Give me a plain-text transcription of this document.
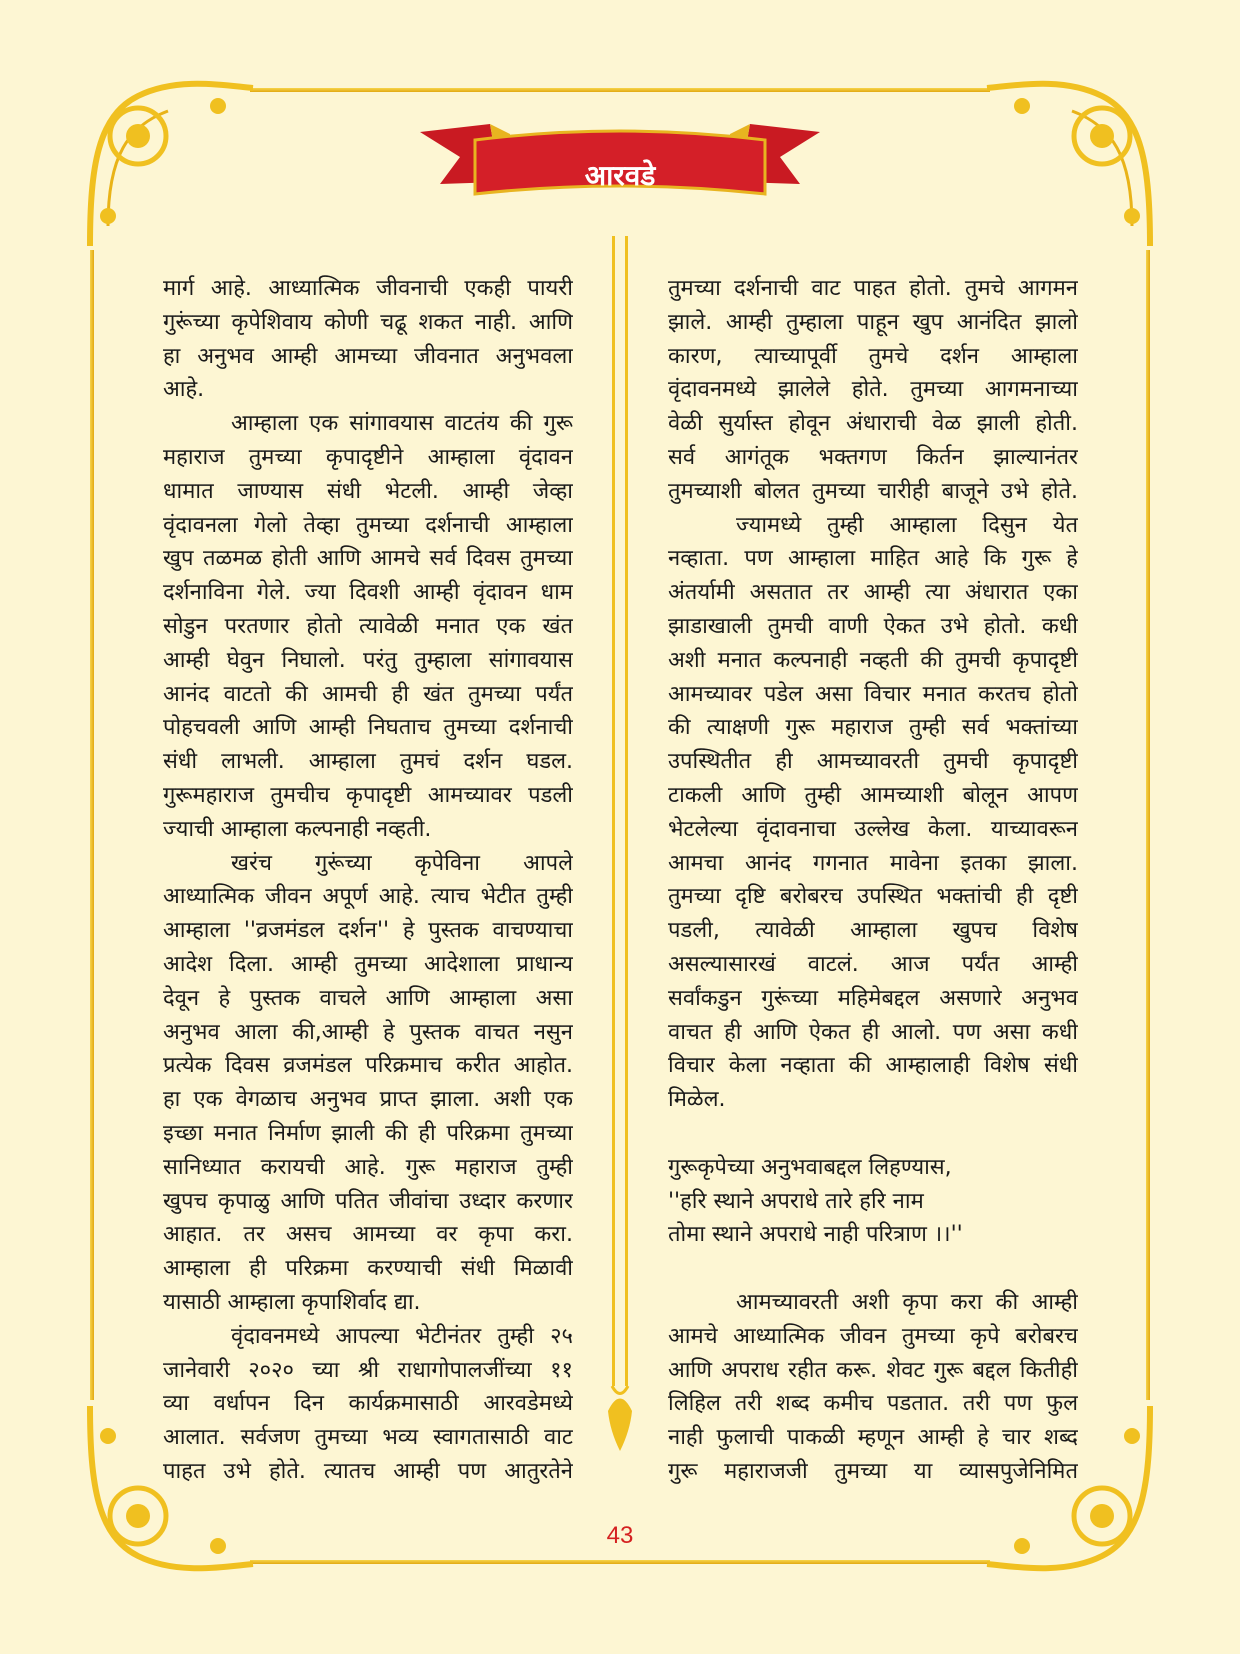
आरवडे
मार्ग आहे. आध्यात्मिक जीवनाची एकही पायरी
गुरूंच्या कृपेशिवाय कोणी चढू शकत नाही. आणि
हा अनुभव आम्ही आमच्या जीवनात अनुभवला
आहे.
आम्हाला एक सांगावयास वाटतंय की गुरू
महाराज तुमच्या कृपादृष्टीने आम्हाला वृंदावन
धामात जाण्यास संधी भेटली. आम्ही जेव्हा
वृंदावनला गेलो तेव्हा तुमच्या दर्शनाची आम्हाला
खुप तळमळ होती आणि आमचे सर्व दिवस तुमच्या
दर्शनाविना गेले. ज्या दिवशी आम्ही वृंदावन धाम
सोडुन परतणार होतो त्यावेळी मनात एक खंत
आम्ही घेवुन निघालो. परंतु तुम्हाला सांगावयास
आनंद वाटतो की आमची ही खंत तुमच्या पर्यंत
पोहचवली आणि आम्ही निघताच तुमच्या दर्शनाची
संधी लाभली. आम्हाला तुमचं दर्शन घडल.
गुरूमहाराज तुमचीच कृपादृष्टी आमच्यावर पडली
ज्याची आम्हाला कल्पनाही नव्हती.
खरंच गुरूंच्या कृपेविना आपले
आध्यात्मिक जीवन अपूर्ण आहे. त्याच भेटीत तुम्ही
आम्हाला ''व्रजमंडल दर्शन'' हे पुस्तक वाचण्याचा
आदेश दिला. आम्ही तुमच्या आदेशाला प्राधान्य
देवून हे पुस्तक वाचले आणि आम्हाला असा
अनुभव आला की,आम्ही हे पुस्तक वाचत नसुन
प्रत्येक दिवस व्रजमंडल परिक्रमाच करीत आहोत.
हा एक वेगळाच अनुभव प्राप्त झाला. अशी एक
इच्छा मनात निर्माण झाली की ही परिक्रमा तुमच्या
सानिध्यात करायची आहे. गुरू महाराज तुम्ही
खुपच कृपाळु आणि पतित जीवांचा उध्दार करणार
आहात. तर असच आमच्या वर कृपा करा.
आम्हाला ही परिक्रमा करण्याची संधी मिळावी
यासाठी आम्हाला कृपाशिर्वाद द्या.
वृंदावनमध्ये आपल्या भेटीनंतर तुम्ही २५
जानेवारी २०२० च्या श्री राधागोपालजींच्या ११
व्या वर्धापन दिन कार्यक्रमासाठी आरवडेमध्ये
आलात. सर्वजण तुमच्या भव्य स्वागतासाठी वाट
पाहत उभे होते. त्यातच आम्ही पण आतुरतेने
तुमच्या दर्शनाची वाट पाहत होतो. तुमचे आगमन
झाले. आम्ही तुम्हाला पाहून खुप आनंदित झालो
कारण, त्याच्यापूर्वी तुमचे दर्शन आम्हाला
वृंदावनमध्ये झालेले होते. तुमच्या आगमनाच्या
वेळी सुर्यास्त होवून अंधाराची वेळ झाली होती.
सर्व आगंतूक भक्तगण किर्तन झाल्यानंतर
तुमच्याशी बोलत तुमच्या चारीही बाजूने उभे होते.
ज्यामध्ये तुम्ही आम्हाला दिसुन येत
नव्हाता. पण आम्हाला माहित आहे कि गुरू हे
अंतर्यामी असतात तर आम्ही त्या अंधारात एका
झाडाखाली तुमची वाणी ऐकत उभे होतो. कधी
अशी मनात कल्पनाही नव्हती की तुमची कृपादृष्टी
आमच्यावर पडेल असा विचार मनात करतच होतो
की त्याक्षणी गुरू महाराज तुम्ही सर्व भक्तांच्या
उपस्थितीत ही आमच्यावरती तुमची कृपादृष्टी
टाकली आणि तुम्ही आमच्याशी बोलून आपण
भेटलेल्या वृंदावनाचा उल्लेख केला. याच्यावरून
आमचा आनंद गगनात मावेना इतका झाला.
तुमच्या दृष्टि बरोबरच उपस्थित भक्तांची ही दृष्टी
पडली, त्यावेळी आम्हाला खुपच विशेष
असल्यासारखं वाटलं. आज पर्यंत आम्ही
सर्वांकडुन गुरूंच्या महिमेबद्दल असणारे अनुभव
वाचत ही आणि ऐकत ही आलो. पण असा कधी
विचार केला नव्हाता की आम्हालाही विशेष संधी
मिळेल.
गुरूकृपेच्या अनुभवाबद्दल लिहण्यास,
''हरि स्थाने अपराधे तारे हरि नाम
तोमा स्थाने अपराधे नाही परित्राण ।।''
आमच्यावरती अशी कृपा करा की आम्ही
आमचे आध्यात्मिक जीवन तुमच्या कृपे बरोबरच
आणि अपराध रहीत करू. शेवट गुरू बद्दल कितीही
लिहिल तरी शब्द कमीच पडतात. तरी पण फुल
नाही फुलाची पाकळी म्हणून आम्ही हे चार शब्द
गुरू महाराजजी तुमच्या या व्यासपुजेनिमित
43
